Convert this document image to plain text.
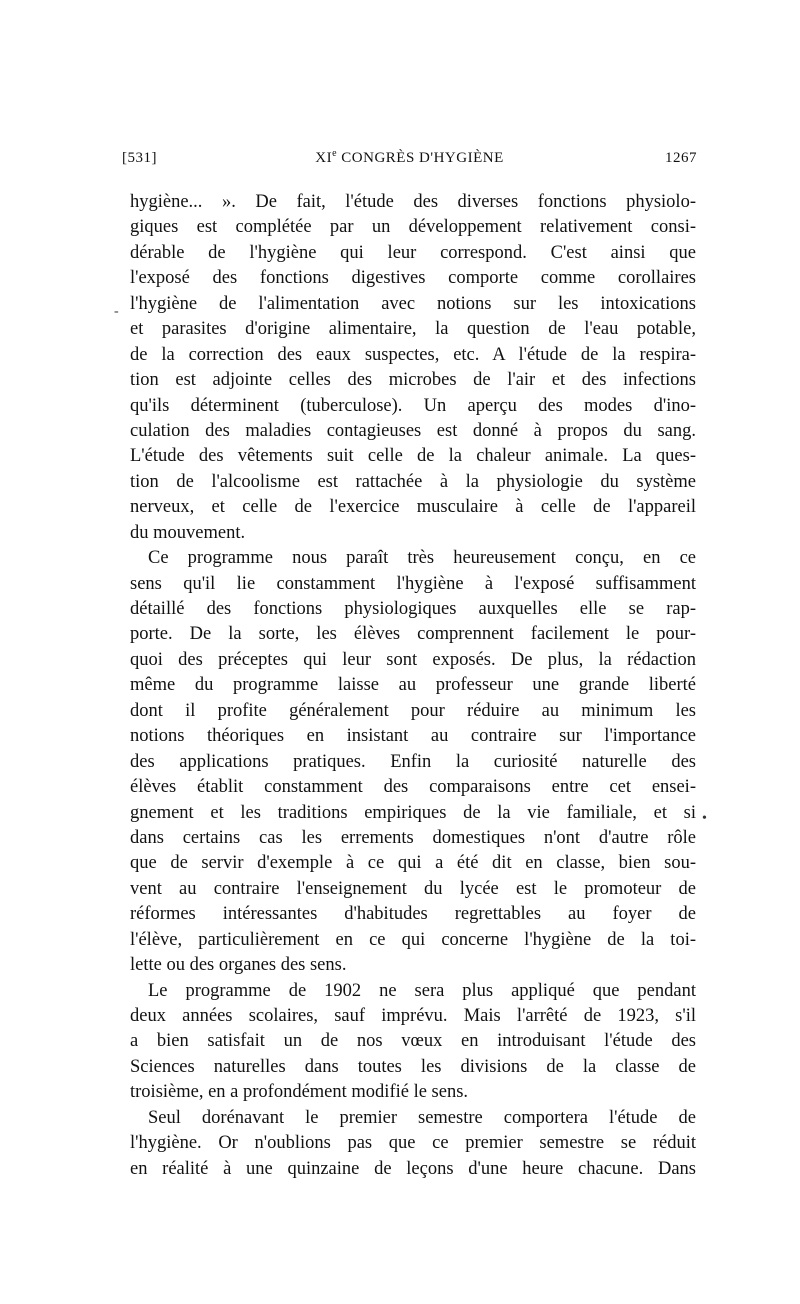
[531]	XIe CONGRÈS D'HYGIÈNE	1267
-
•
hygiène... ». De fait, l'étude des diverses fonctions physiolo-
giques est complétée par un développement relativement consi-
dérable de l'hygiène qui leur correspond. C'est ainsi que
l'exposé des fonctions digestives comporte comme corollaires
l'hygiène de l'alimentation avec notions sur les intoxications
et parasites d'origine alimentaire, la question de l'eau potable,
de la correction des eaux suspectes, etc. A l'étude de la respira-
tion est adjointe celles des microbes de l'air et des infections
qu'ils déterminent (tuberculose). Un aperçu des modes d'ino-
culation des maladies contagieuses est donné à propos du sang.
L'étude des vêtements suit celle de la chaleur animale. La ques-
tion de l'alcoolisme est rattachée à la physiologie du système
nerveux, et celle de l'exercice musculaire à celle de l'appareil
du mouvement.
Ce programme nous paraît très heureusement conçu, en ce
sens qu'il lie constamment l'hygiène à l'exposé suffisamment
détaillé des fonctions physiologiques auxquelles elle se rap-
porte. De la sorte, les élèves comprennent facilement le pour-
quoi des préceptes qui leur sont exposés. De plus, la rédaction
même du programme laisse au professeur une grande liberté
dont il profite généralement pour réduire au minimum les
notions théoriques en insistant au contraire sur l'importance
des applications pratiques. Enfin la curiosité naturelle des
élèves établit constamment des comparaisons entre cet ensei-
gnement et les traditions empiriques de la vie familiale, et si
dans certains cas les errements domestiques n'ont d'autre rôle
que de servir d'exemple à ce qui a été dit en classe, bien sou-
vent au contraire l'enseignement du lycée est le promoteur de
réformes intéressantes d'habitudes regrettables au foyer de
l'élève, particulièrement en ce qui concerne l'hygiène de la toi-
lette ou des organes des sens.
Le programme de 1902 ne sera plus appliqué que pendant
deux années scolaires, sauf imprévu. Mais l'arrêté de 1923, s'il
a bien satisfait un de nos vœux en introduisant l'étude des
Sciences naturelles dans toutes les divisions de la classe de
troisième, en a profondément modifié le sens.
Seul dorénavant le premier semestre comportera l'étude de
l'hygiène. Or n'oublions pas que ce premier semestre se réduit
en réalité à une quinzaine de leçons d'une heure chacune. Dans
